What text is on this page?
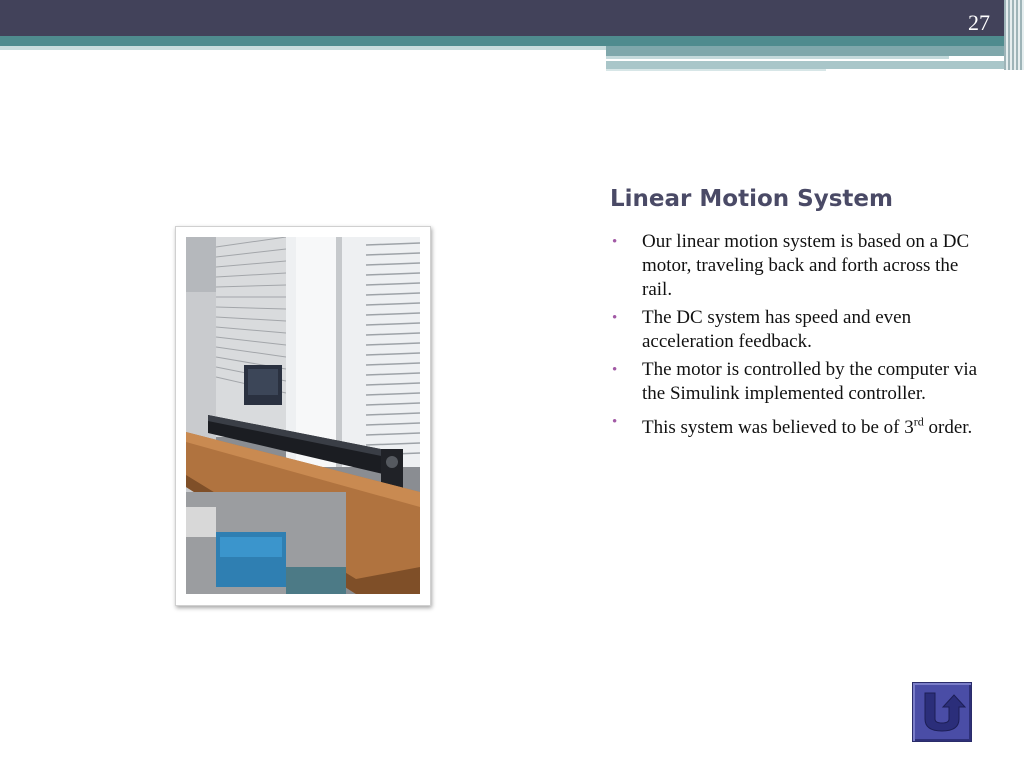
27
Linear Motion System
• Our linear motion system is based on a DC motor, traveling back and forth across the rail.
• The DC system has speed and even acceleration feedback.
• The motor is controlled by the computer via the Simulink implemented controller.
• This system was believed to be of 3rd order.
